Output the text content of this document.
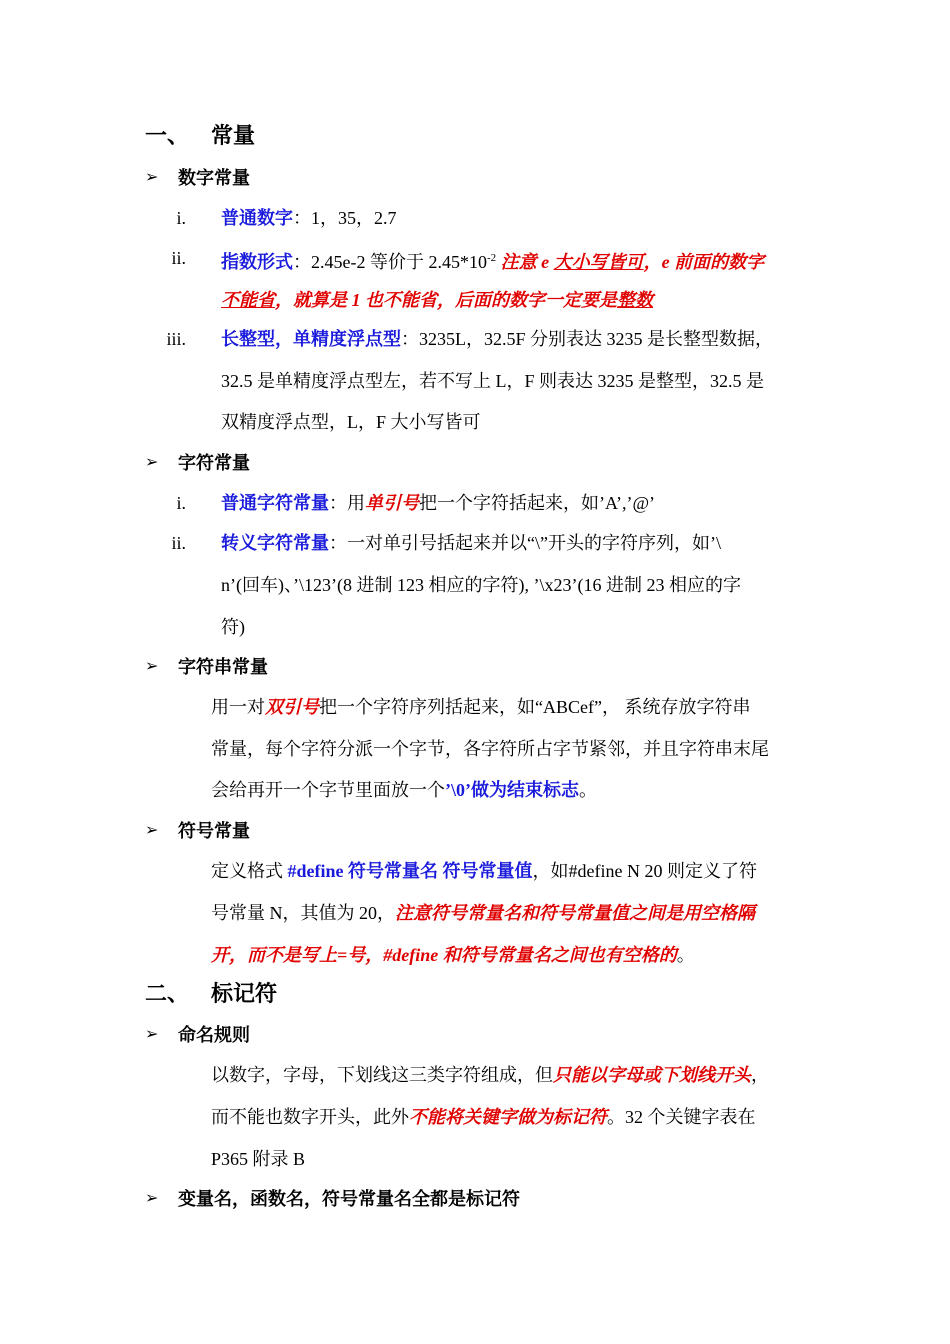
一、 常量
➢ 数字常量
i. 普通数字：1，35，2.7
ii. 指数形式：2.45e-2 等价于 $2.45*10^{-2}$ 注意 e 大小写皆可，e 前面的数字
不能省，就算是 1 也不能省，后面的数字一定要是整数
iii. 长整型，单精度浮点型：3235L，32.5F 分别表达 3235 是长整型数据，
32.5 是单精度浮点型左，若不写上 L，F 则表达 3235 是整型，32.5 是
双精度浮点型，L，F 大小写皆可
➢ 字符常量
i. 普通字符常量：用单引号把一个字符括起来，如’A’,’@’
ii. 转义字符常量：一对单引号括起来并以“\”开头的字符序列，如’\
n’(回车)、’\123’(8 进制 123 相应的字符), ’\x23’(16 进制 23 相应的字
符)
➢ 字符串常量
用一对双引号把一个字符序列括起来，如“ABCef”， 系统存放字符串
常量，每个字符分派一个字节，各字符所占字节紧邻，并且字符串末尾
会给再开一个字节里面放一个’\0’做为结束标志。
➢ 符号常量
定义格式 #define 符号常量名 符号常量值，如#define N 20 则定义了符
号常量 N，其值为 20，注意符号常量名和符号常量值之间是用空格隔
开，而不是写上=号，#define 和符号常量名之间也有空格的。
二、 标记符
➢ 命名规则
以数字，字母，下划线这三类字符组成，但只能以字母或下划线开头，
而不能也数字开头，此外不能将关键字做为标记符。32 个关键字表在
P365 附录 B
➢ 变量名，函数名，符号常量名全都是标记符
